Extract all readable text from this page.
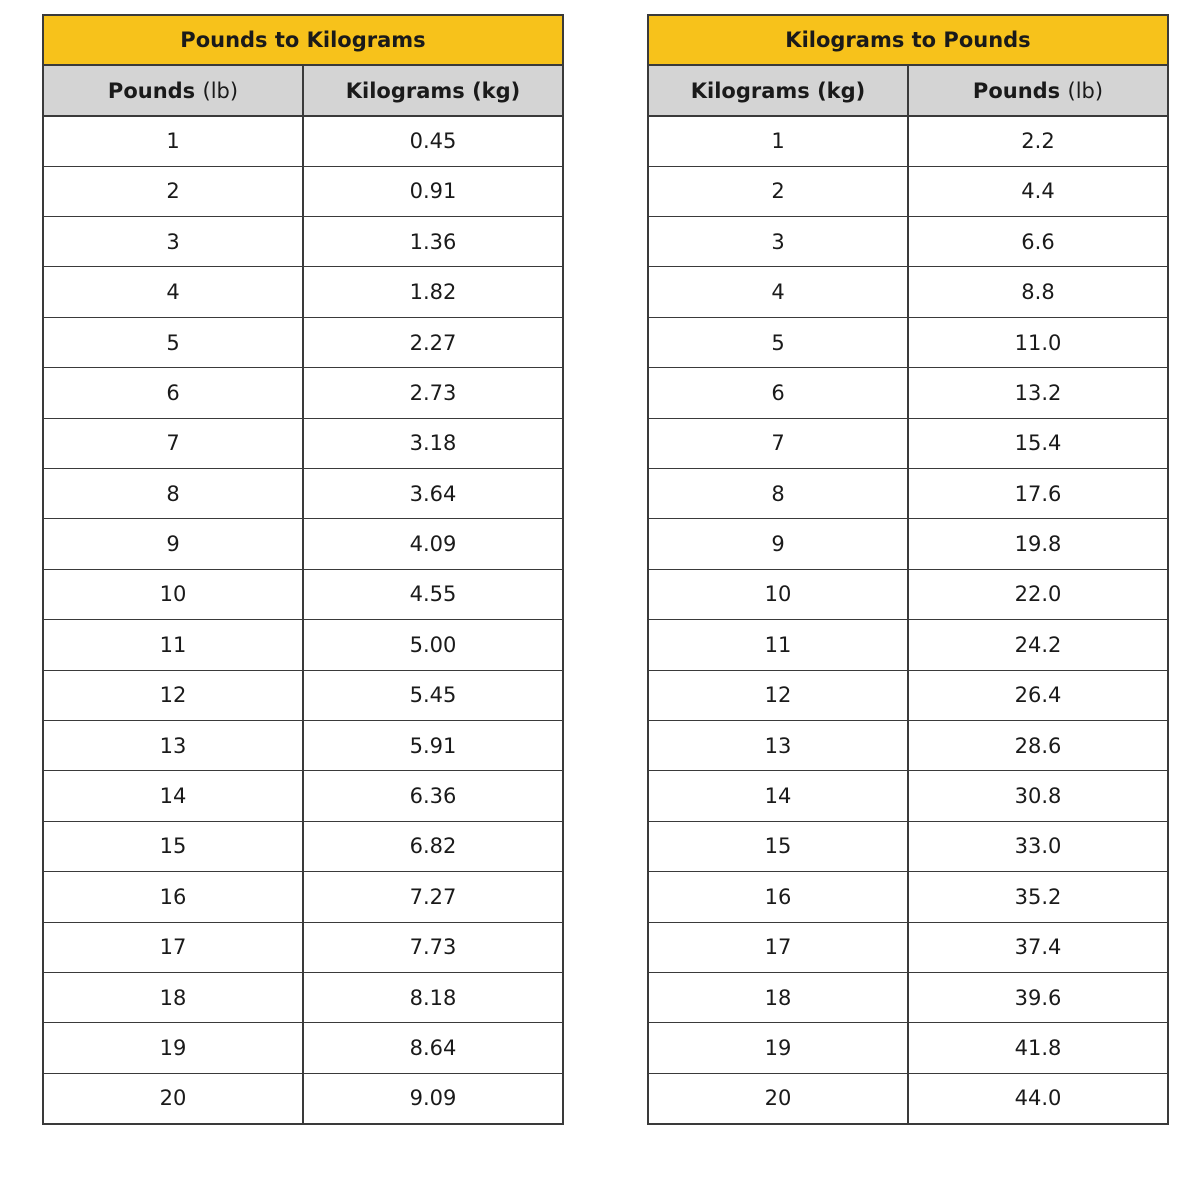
Pounds to Kilograms	
Pounds (lb)	Kilograms (kg)
1	0.45
2	0.91
3	1.36
4	1.82
5	2.27
6	2.73
7	3.18
8	3.64
9	4.09
10	4.55
11	5.00
12	5.45
13	5.91
14	6.36
15	6.82
16	7.27
17	7.73
18	8.18
19	8.64
20	9.09
Kilograms to Pounds	
Kilograms (kg)	Pounds (lb)
1	2.2
2	4.4
3	6.6
4	8.8
5	11.0
6	13.2
7	15.4
8	17.6
9	19.8
10	22.0
11	24.2
12	26.4
13	28.6
14	30.8
15	33.0
16	35.2
17	37.4
18	39.6
19	41.8
20	44.0
